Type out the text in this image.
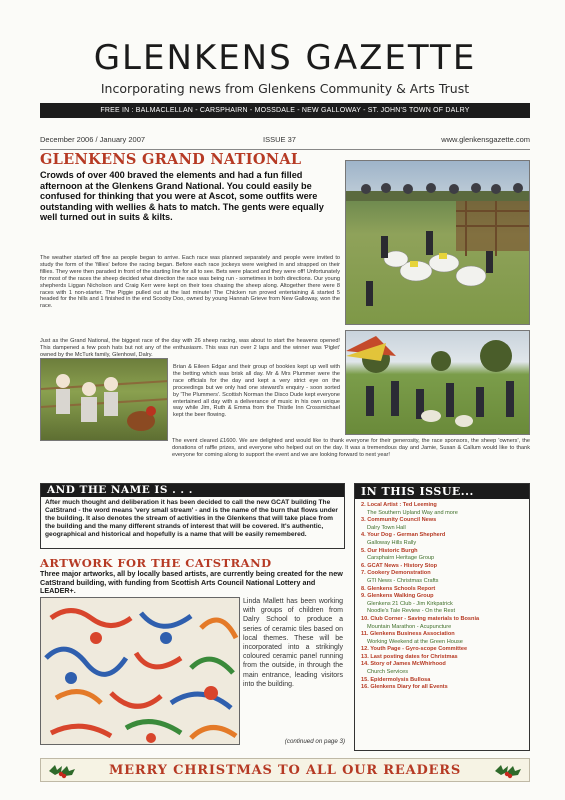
GLENKENS GAZETTE
Incorporating news from Glenkens Community & Arts Trust
FREE IN : BALMACLELLAN - CARSPHAIRN - MOSSDALE - NEW GALLOWAY - ST. JOHN'S TOWN OF DALRY
December 2006 / January 2007	ISSUE 37	www.glenkensgazette.com
GLENKENS GRAND NATIONAL
Crowds of over 400 braved the elements and had a fun filled afternoon at the Glenkens Grand National. You could easily be confused for thinking that you were at Ascot, some outfits were outstanding with wellies & hats to match. The gents were equally well turned out in suits & kilts.
The weather started off fine as people began to arrive. Each race was planned separately and people were invited to study the form of the 'fillies' before the racing began. Before each race jockeys were weighed in and strapped on their fillies. They were then paraded in front of the starting line for all to see. Bets were placed and they were off! Unfortunately for most of the races the sheep decided what direction the race was being run - sometimes in both directions. Our young shepherds Liggan Nicholson and Craig Kerr were kept on their toes chasing the sheep along. Altogether there were 8 races with 1 non-starter. The Piggie pulled out at the last minute! The Chicken run proved entertaining & started 5 headed for the hills and 1 finished in the end Scooby Doo, owned by young Hannah Grieve from New Galloway, won the race.
Just as the Grand National, the biggest race of the day with 26 sheep racing, was about to start the heavens opened! This dampened a few posh hats but not any of the enthusiasm. This was run over 2 laps and the winner was 'Piglet' owned by the McTurk family, Glenhowl, Dalry.
Brian & Eileen Edgar and their group of bookies kept up well with the betting which was brisk all day. Mr & Mrs Plummer were the race officials for the day and kept a very strict eye on the proceedings but we only had one steward's enquiry - soon sorted by 'The Plummers'. Scottish Norman the Disco Dude kept everyone entertained all day with a deliverance of music in his own unique way while Jim, Ruth & Emma from the Thistle Inn Crossmichael kept the beer flowing.
The event cleared £1600. We are delighted and would like to thank everyone for their generosity, the race sponsors, the sheep 'owners', the donations of raffle prizes, and everyone who helped out on the day. It was a tremendous day and Jamie, Susan & Callum would like to thank everyone for coming along to support the event and we are looking forward to next year!
AND THE NAME IS . . .
After much thought and deliberation it has been decided to call the new GCAT building The CatStrand - the word means 'very small stream' - and is the name of the burn that flows under the building. It also denotes the stream of activities in the Glenkens that will take place from the building and the many different strands of interest that will be covered. It's authentic, geographical and historical and hopefully is a name that will be easily remembered.
ARTWORK FOR THE CATSTRAND
Three major artworks, all by locally based artists, are currently being created for the new CatStrand building, with funding from Scottish Arts Council National Lottery and LEADER+.
Linda Mallett has been working with groups of children from Dalry School to produce a series of ceramic tiles based on local themes. These will be incorporated into a strikingly coloured ceramic panel running from the outside, in through the main entrance, leading visitors into the building.
(continued on page 3)
IN THIS ISSUE...
2. Local Artist : Ted Leeming
The Southern Upland Way and more
3. Community Council News
Dalry Town Hall
4. Your Dog - German Shepherd
Galloway Hills Rally
5. Our Historic Burgh
Carsphairn Heritage Group
6. GCAT News - History Stop
7. Cookery Demonstration
GTI News - Christmas Crafts
8. Glenkens Schools Report
9. Glenkens Walking Group
Glenkens 21 Club - Jim Kirkpatrick
Noodle's Tale Review - On the Rest
10. Club Corner - Saving materials to Bosnia
Mountain Marathon - Acupuncture
11. Glenkens Business Association
Working Weekend at the Green House
12. Youth Page - Gyro-scope Committee
13. Last posting dates for Christmas
14. Story of James McWhirhood
Church Services
15. Epidermolysis Bullosa
16. Glenkens Diary for all Events
MERRY CHRISTMAS TO ALL OUR READERS
